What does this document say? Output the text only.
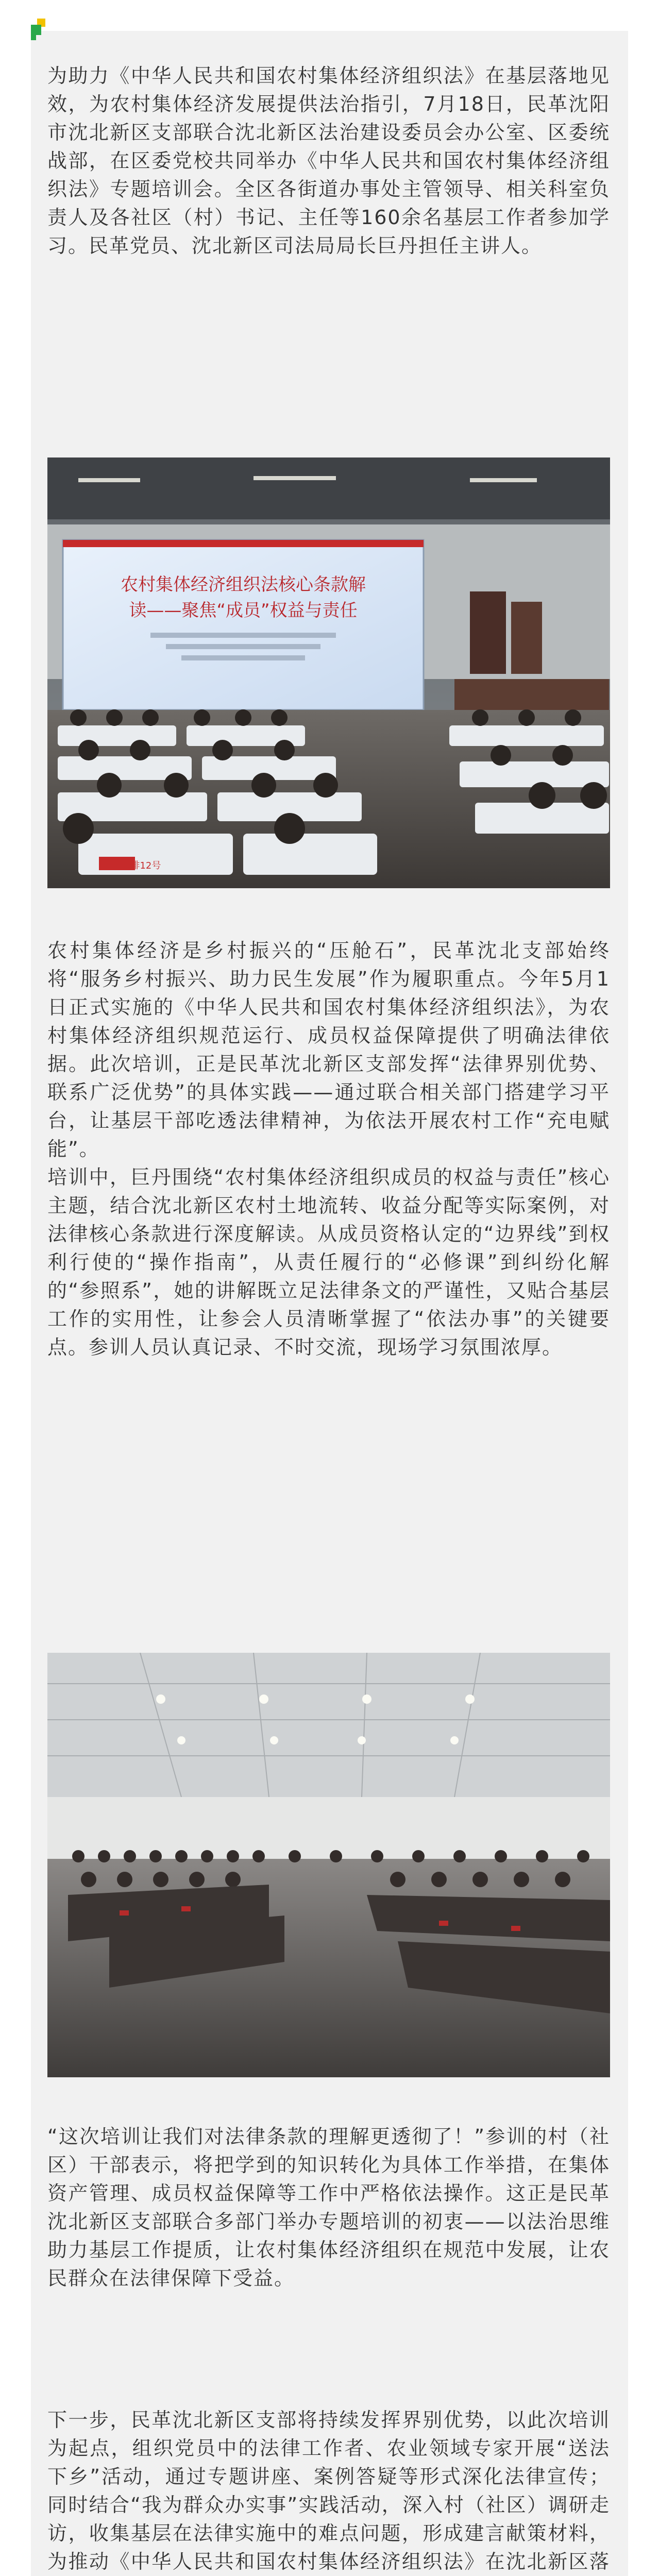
为助力《中华人民共和国农村集体经济组织法》在基层落地见效，为农村集体经济发展提供法治指引，7月18日，民革沈阳市沈北新区支部联合沈北新区法治建设委员会办公室、区委统战部，在区委党校共同举办《中华人民共和国农村集体经济组织法》专题培训会。全区各街道办事处主管领导、相关科室负责人及各社区（村）书记、主任等160余名基层工作者参加学习。民革党员、沈北新区司法局局长巨丹担任主讲人。

农村集体经济组织法核心条款解
读——聚焦“成员”权益与责任
7排12号

农村集体经济是乡村振兴的“压舱石”，民革沈北支部始终将“服务乡村振兴、助力民生发展”作为履职重点。今年5月1日正式实施的《中华人民共和国农村集体经济组织法》，为农村集体经济组织规范运行、成员权益保障提供了明确法律依据。此次培训，正是民革沈北新区支部发挥“法律界别优势、联系广泛优势”的具体实践——通过联合相关部门搭建学习平台，让基层干部吃透法律精神，为依法开展农村工作“充电赋能”。

培训中，巨丹围绕“农村集体经济组织成员的权益与责任”核心主题，结合沈北新区农村土地流转、收益分配等实际案例，对法律核心条款进行深度解读。从成员资格认定的“边界线”到权利行使的“操作指南”，从责任履行的“必修课”到纠纷化解的“参照系”，她的讲解既立足法律条文的严谨性，又贴合基层工作的实用性，让参会人员清晰掌握了“依法办事”的关键要点。参训人员认真记录、不时交流，现场学习氛围浓厚。

“这次培训让我们对法律条款的理解更透彻了！”参训的村（社区）干部表示，将把学到的知识转化为具体工作举措，在集体资产管理、成员权益保障等工作中严格依法操作。这正是民革沈北新区支部联合多部门举办专题培训的初衷——以法治思维助力基层工作提质，让农村集体经济组织在规范中发展，让农民群众在法律保障下受益。

下一步，民革沈北新区支部将持续发挥界别优势，以此次培训为起点，组织党员中的法律工作者、农业领域专家开展“送法下乡”活动，通过专题讲座、案例答疑等形式深化法律宣传；同时结合“我为群众办实事”实践活动，深入村（社区）调研走访，收集基层在法律实施中的难点问题，形成建言献策材料，为推动《中华人民共和国农村集体经济组织法》在沈北新区落
